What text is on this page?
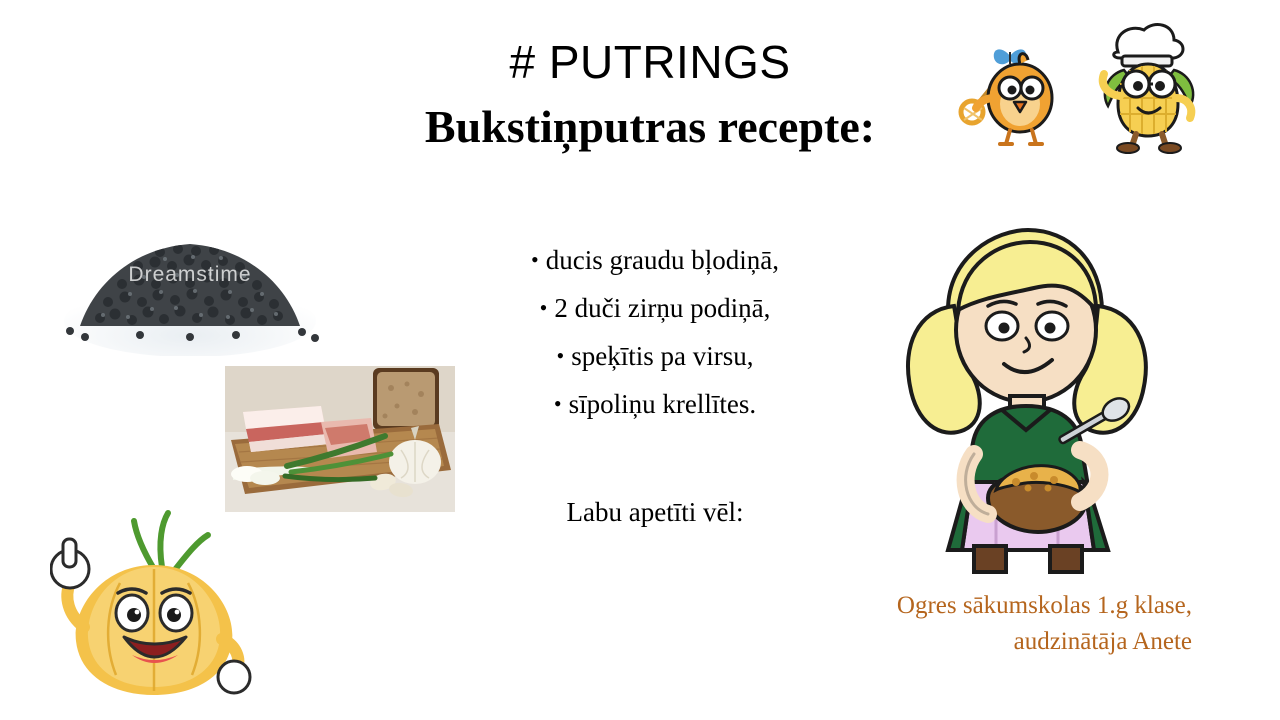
# PUTRINGS
Bukstiņputras recepte:
• ducis graudu bļodiņā,
• 2 duči zirņu podiņā,
• speķītis pa virsu,
• sīpoliņu krellītes.
Labu apetīti vēl:
Ogres sākumskolas 1.g klase,
audzinātāja Anete
Dreamstime
